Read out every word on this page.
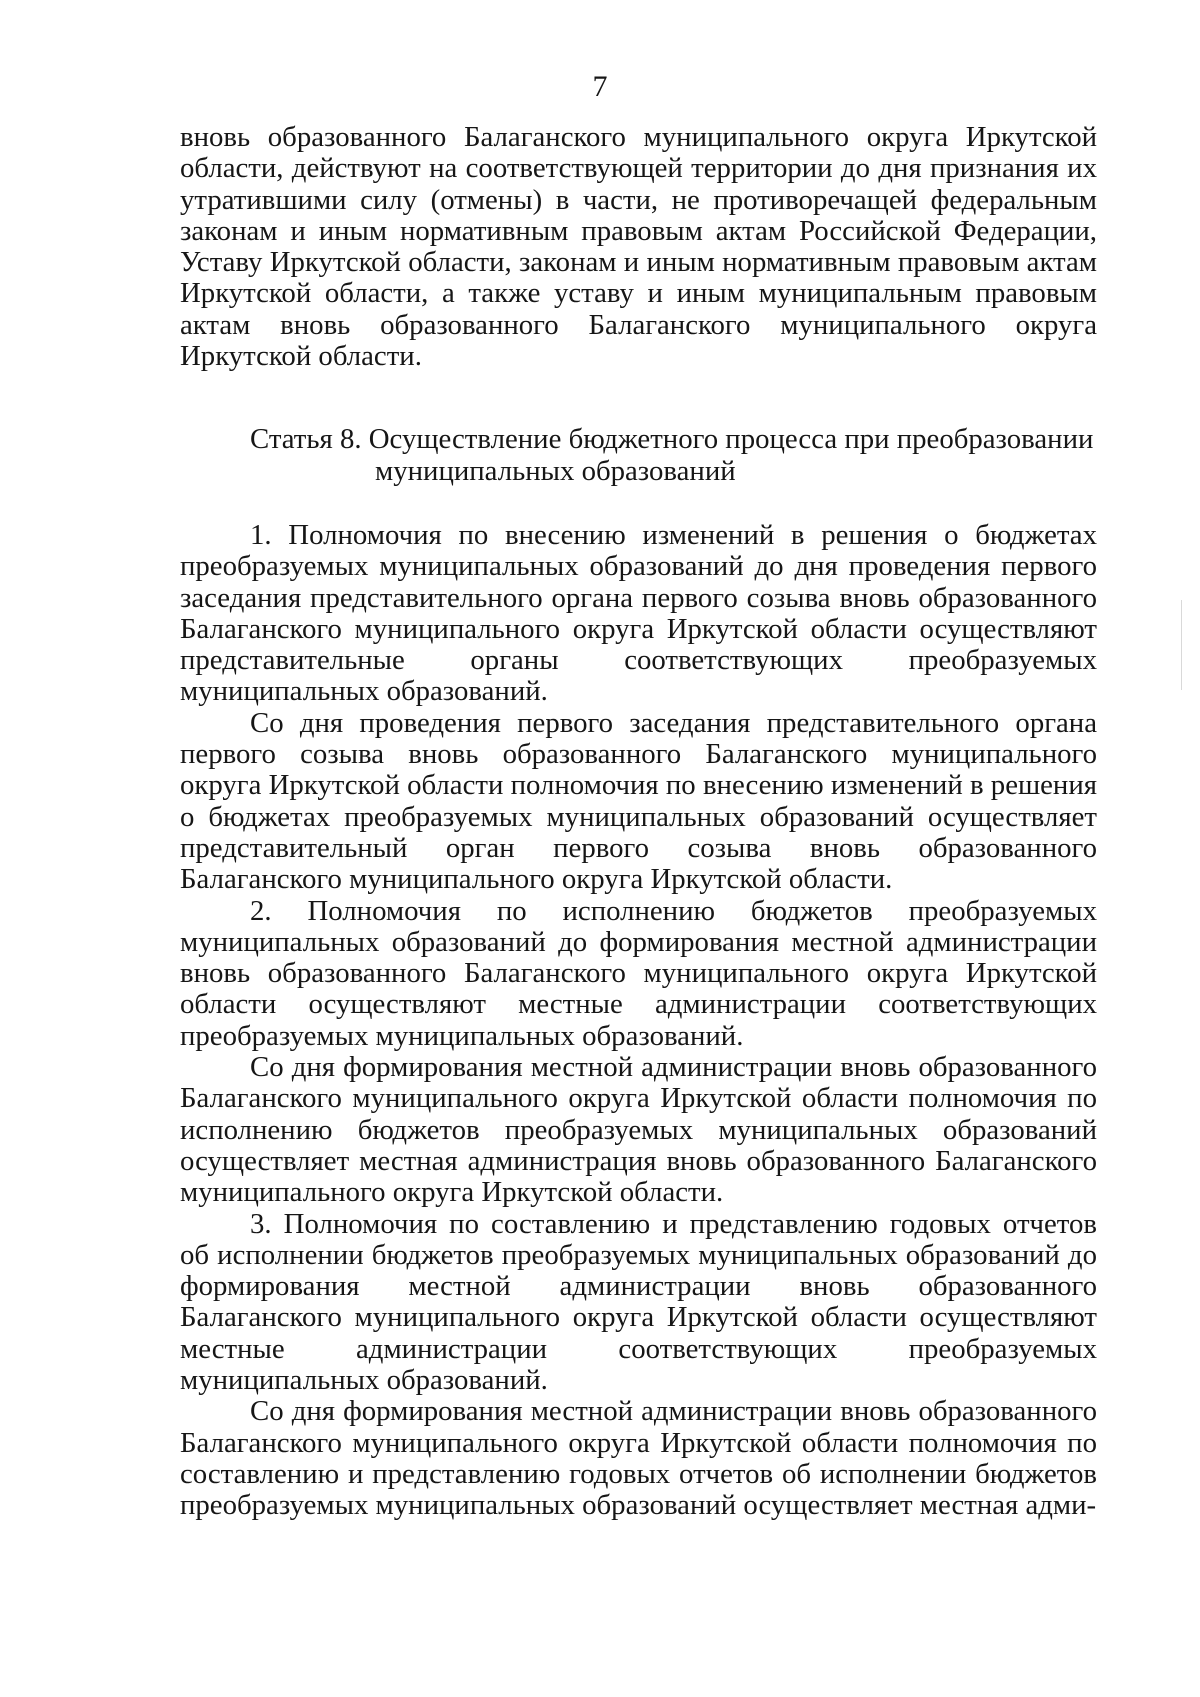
7

вновь образованного Балаганского муниципального округа Иркутской области, действуют на соответствующей территории до дня признания их утратившими силу (отмены) в части, не противоречащей федеральным законам и иным нормативным правовым актам Российской Федерации, Уставу Иркутской области, законам и иным нормативным правовым актам Иркутской области, а также уставу и иным муниципальным правовым актам вновь образованного Балаганского муниципального округа Иркутской области.

Статья 8. Осуществление бюджетного процесса при преобразовании
муниципальных образований

1. Полномочия по внесению изменений в решения о бюджетах преобразуемых муниципальных образований до дня проведения первого заседания представительного органа первого созыва вновь образованного Балаганского муниципального округа Иркутской области осуществляют представительные органы соответствующих преобразуемых муниципальных образований.

Со дня проведения первого заседания представительного органа первого созыва вновь образованного Балаганского муниципального округа Иркутской области полномочия по внесению изменений в решения о бюджетах преобразуемых муниципальных образований осуществляет представительный орган первого созыва вновь образованного Балаганского муниципального округа Иркутской области.

2. Полномочия по исполнению бюджетов преобразуемых муниципальных образований до формирования местной администрации вновь образованного Балаганского муниципального округа Иркутской области осуществляют местные администрации соответствующих преобразуемых муниципальных образований.

Со дня формирования местной администрации вновь образованного Балаганского муниципального округа Иркутской области полномочия по исполнению бюджетов преобразуемых муниципальных образований осуществляет местная администрация вновь образованного Балаганского муниципального округа Иркутской области.

3. Полномочия по составлению и представлению годовых отчетов об исполнении бюджетов преобразуемых муниципальных образований до формирования местной администрации вновь образованного Балаганского муниципального округа Иркутской области осуществляют местные администрации соответствующих преобразуемых муниципальных образований.

Со дня формирования местной администрации вновь образованного Балаганского муниципального округа Иркутской области полномочия по составлению и представлению годовых отчетов об исполнении бюджетов преобразуемых муниципальных образований осуществляет местная адми-
